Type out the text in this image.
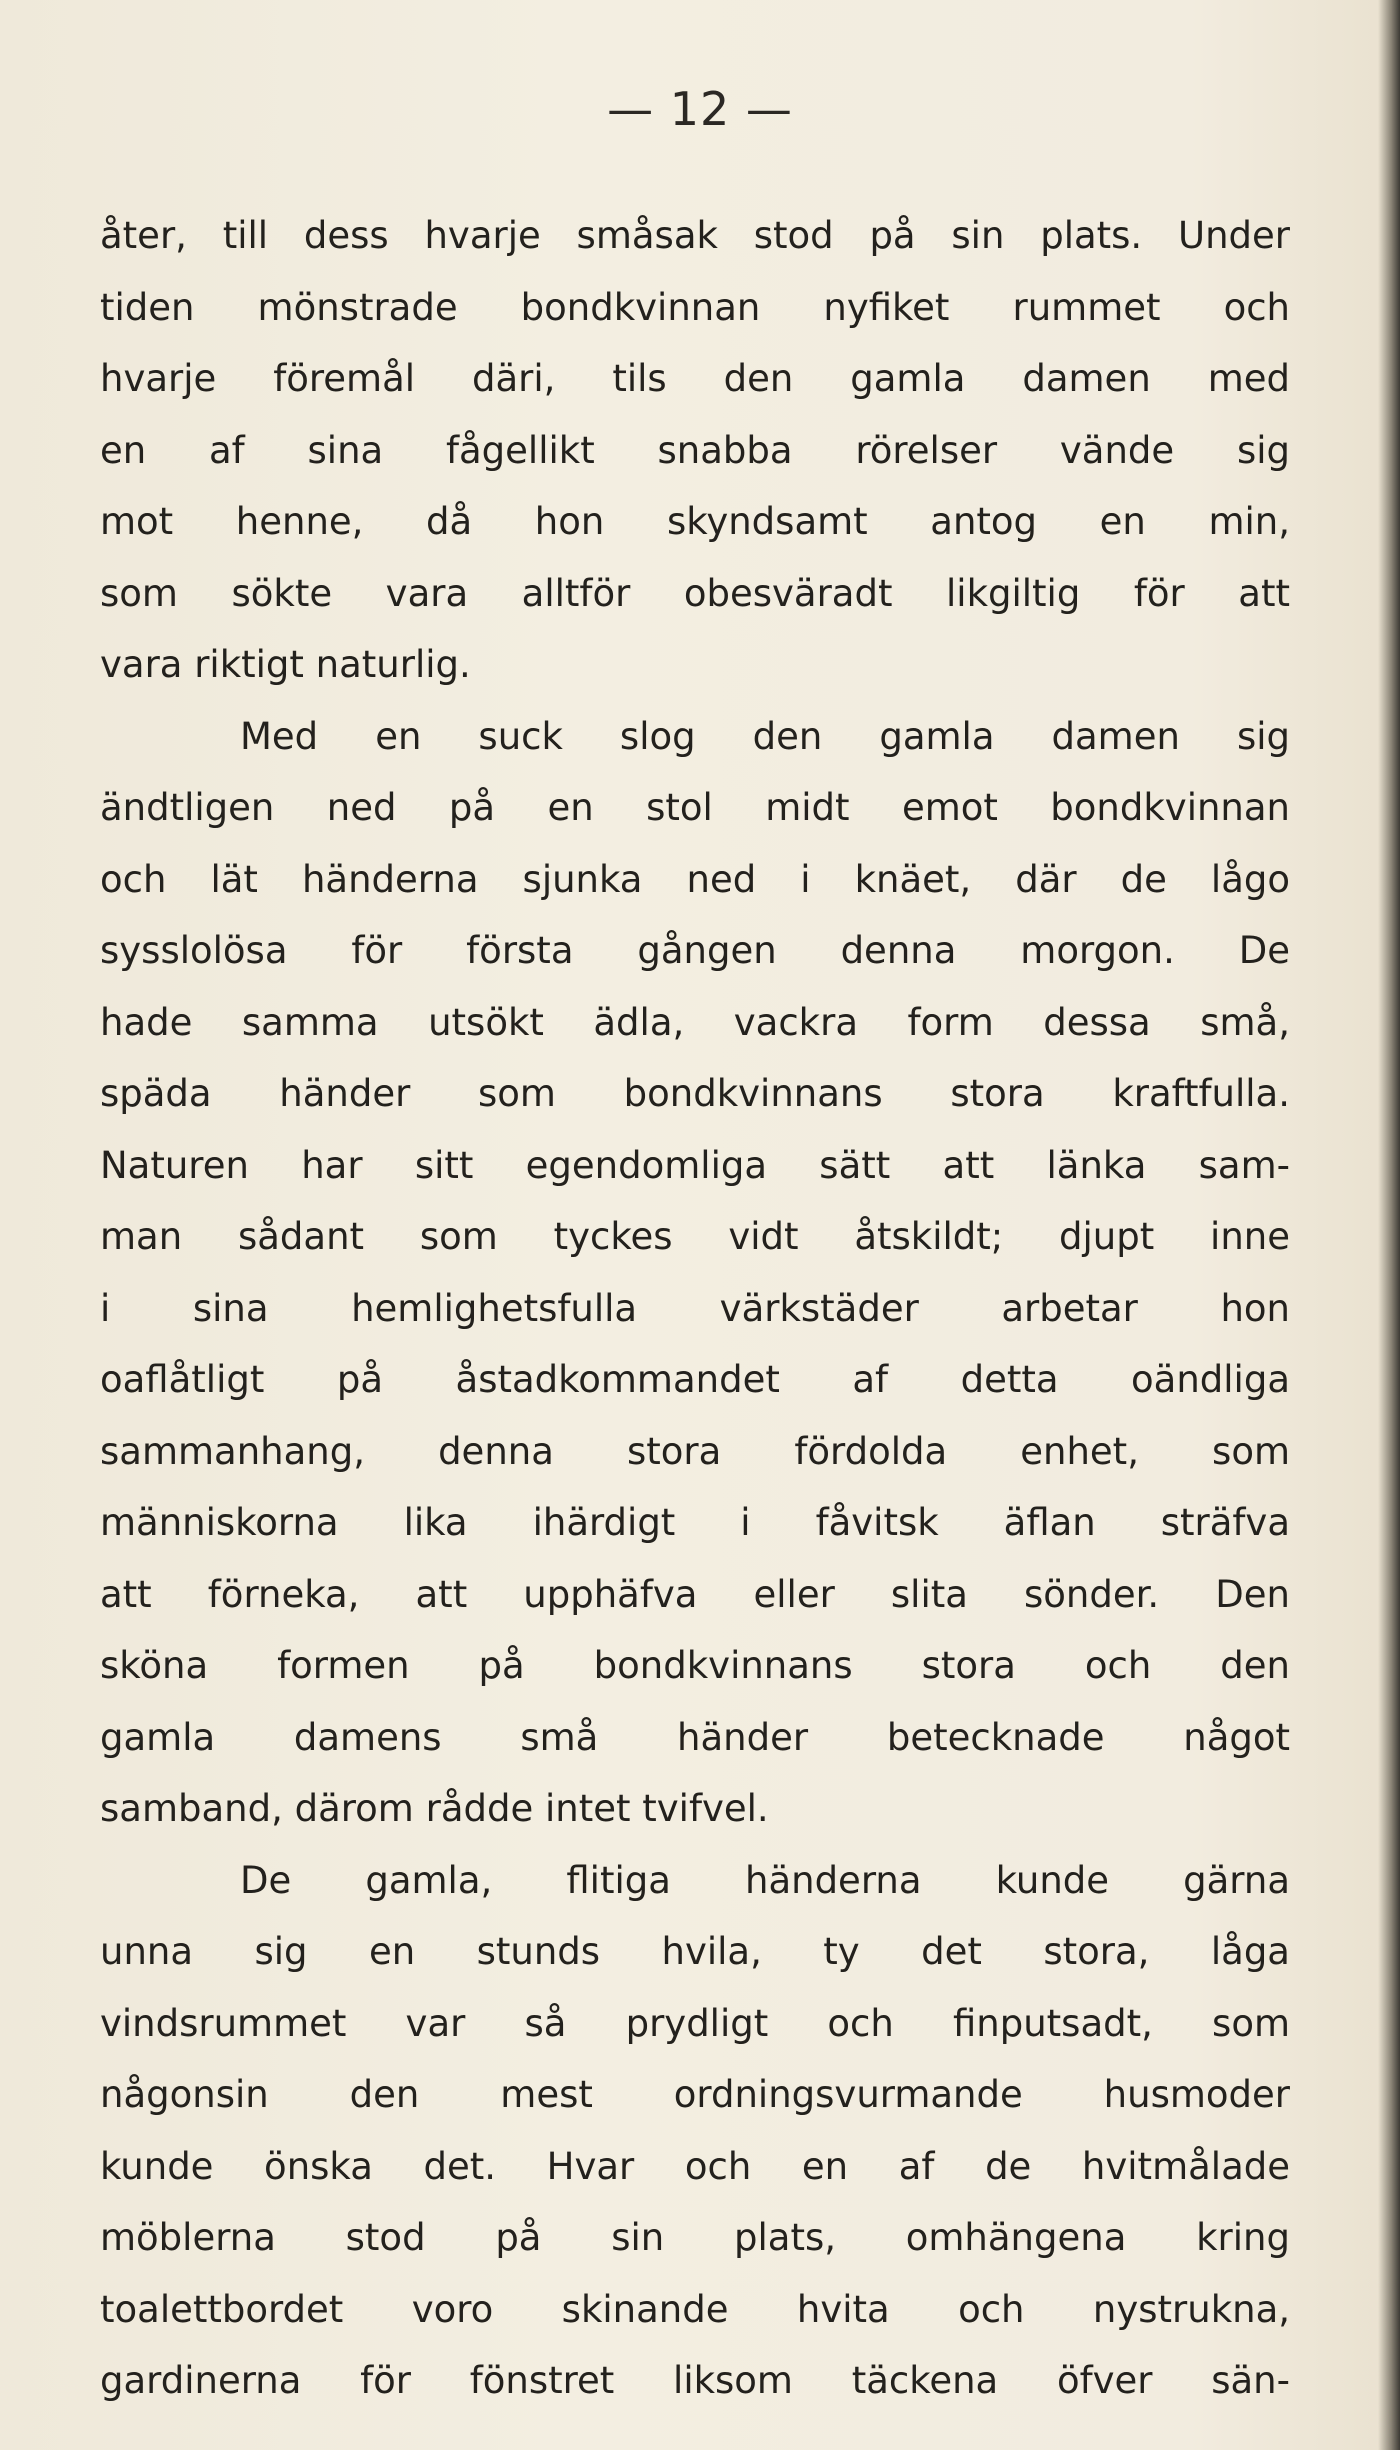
— 12 —
åter, till dess hvarje småsak stod på sin plats. Under
tiden mönstrade bondkvinnan nyfiket rummet och
hvarje föremål däri, tils den gamla damen med
en af sina fågellikt snabba rörelser vände sig
mot henne, då hon skyndsamt antog en min,
som sökte vara alltför obesväradt likgiltig för att
vara riktigt naturlig.
Med en suck slog den gamla damen sig
ändtligen ned på en stol midt emot bondkvinnan
och lät händerna sjunka ned i knäet, där de lågo
sysslolösa för första gången denna morgon. De
hade samma utsökt ädla, vackra form dessa små,
späda händer som bondkvinnans stora kraftfulla.
Naturen har sitt egendomliga sätt att länka sam-
man sådant som tyckes vidt åtskildt; djupt inne
i sina hemlighetsfulla värkstäder arbetar hon
oaflåtligt på åstadkommandet af detta oändliga
sammanhang, denna stora fördolda enhet, som
människorna lika ihärdigt i fåvitsk äflan sträfva
att förneka, att upphäfva eller slita sönder. Den
sköna formen på bondkvinnans stora och den
gamla damens små händer betecknade något
samband, därom rådde intet tvifvel.
De gamla, flitiga händerna kunde gärna
unna sig en stunds hvila, ty det stora, låga
vindsrummet var så prydligt och finputsadt, som
någonsin den mest ordningsvurmande husmoder
kunde önska det. Hvar och en af de hvitmålade
möblerna stod på sin plats, omhängena kring
toalettbordet voro skinande hvita och nystrukna,
gardinerna för fönstret liksom täckena öfver sän-
